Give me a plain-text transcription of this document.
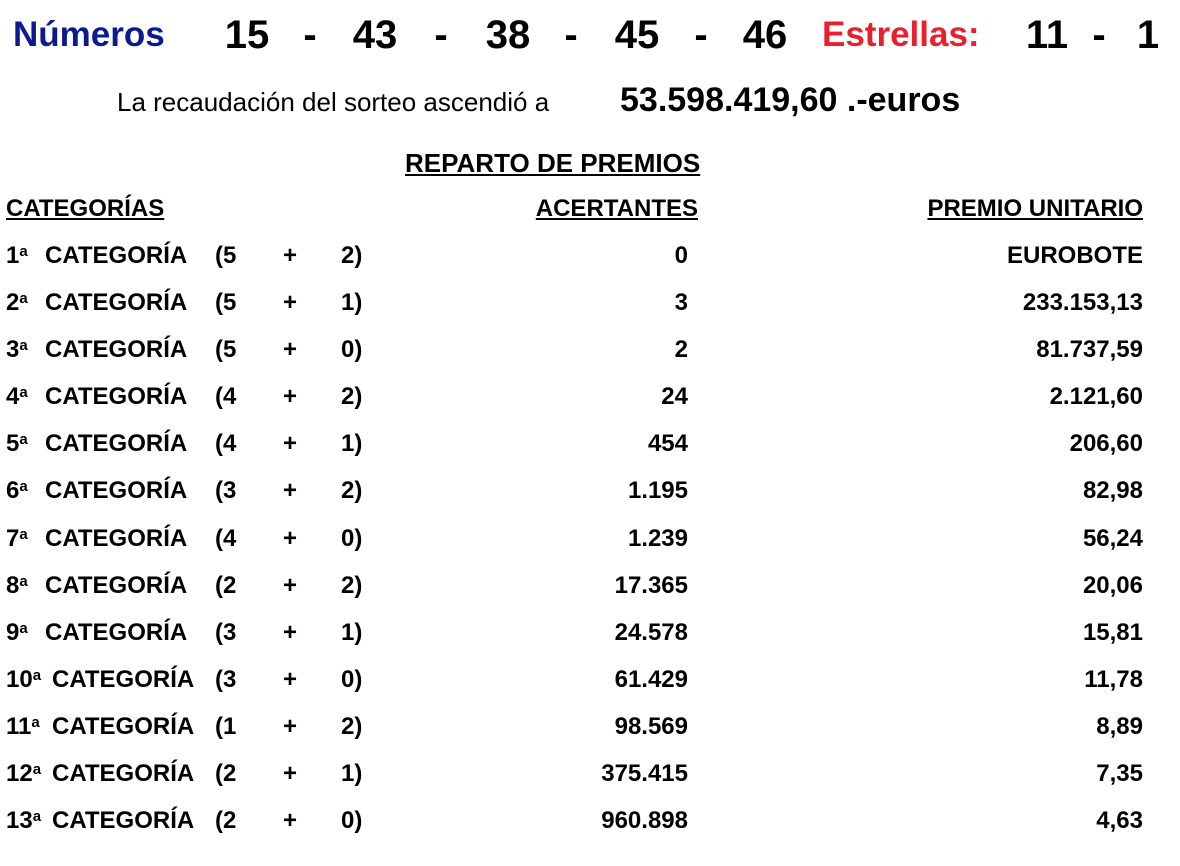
Números 15 - 43 - 38 - 45 - 46 Estrellas: 11 - 1
La recaudación del sorteo ascendió a 53.598.419,60 .-euros
REPARTO DE PREMIOS
CATEGORÍAS	ACERTANTES	PREMIO UNITARIO
1$^a$ CATEGORÍA (5 + 2)	0	EUROBOTE
2$^a$ CATEGORÍA (5 + 1)	3	233.153,13
3$^a$ CATEGORÍA (5 + 0)	2	81.737,59
4$^a$ CATEGORÍA (4 + 2)	24	2.121,60
5$^a$ CATEGORÍA (4 + 1)	454	206,60
6$^a$ CATEGORÍA (3 + 2)	1.195	82,98
7$^a$ CATEGORÍA (4 + 0)	1.239	56,24
8$^a$ CATEGORÍA (2 + 2)	17.365	20,06
9$^a$ CATEGORÍA (3 + 1)	24.578	15,81
10$^a$ CATEGORÍA (3 + 0)	61.429	11,78
11$^a$ CATEGORÍA (1 + 2)	98.569	8,89
12$^a$ CATEGORÍA (2 + 1)	375.415	7,35
13$^a$ CATEGORÍA (2 + 0)	960.898	4,63
